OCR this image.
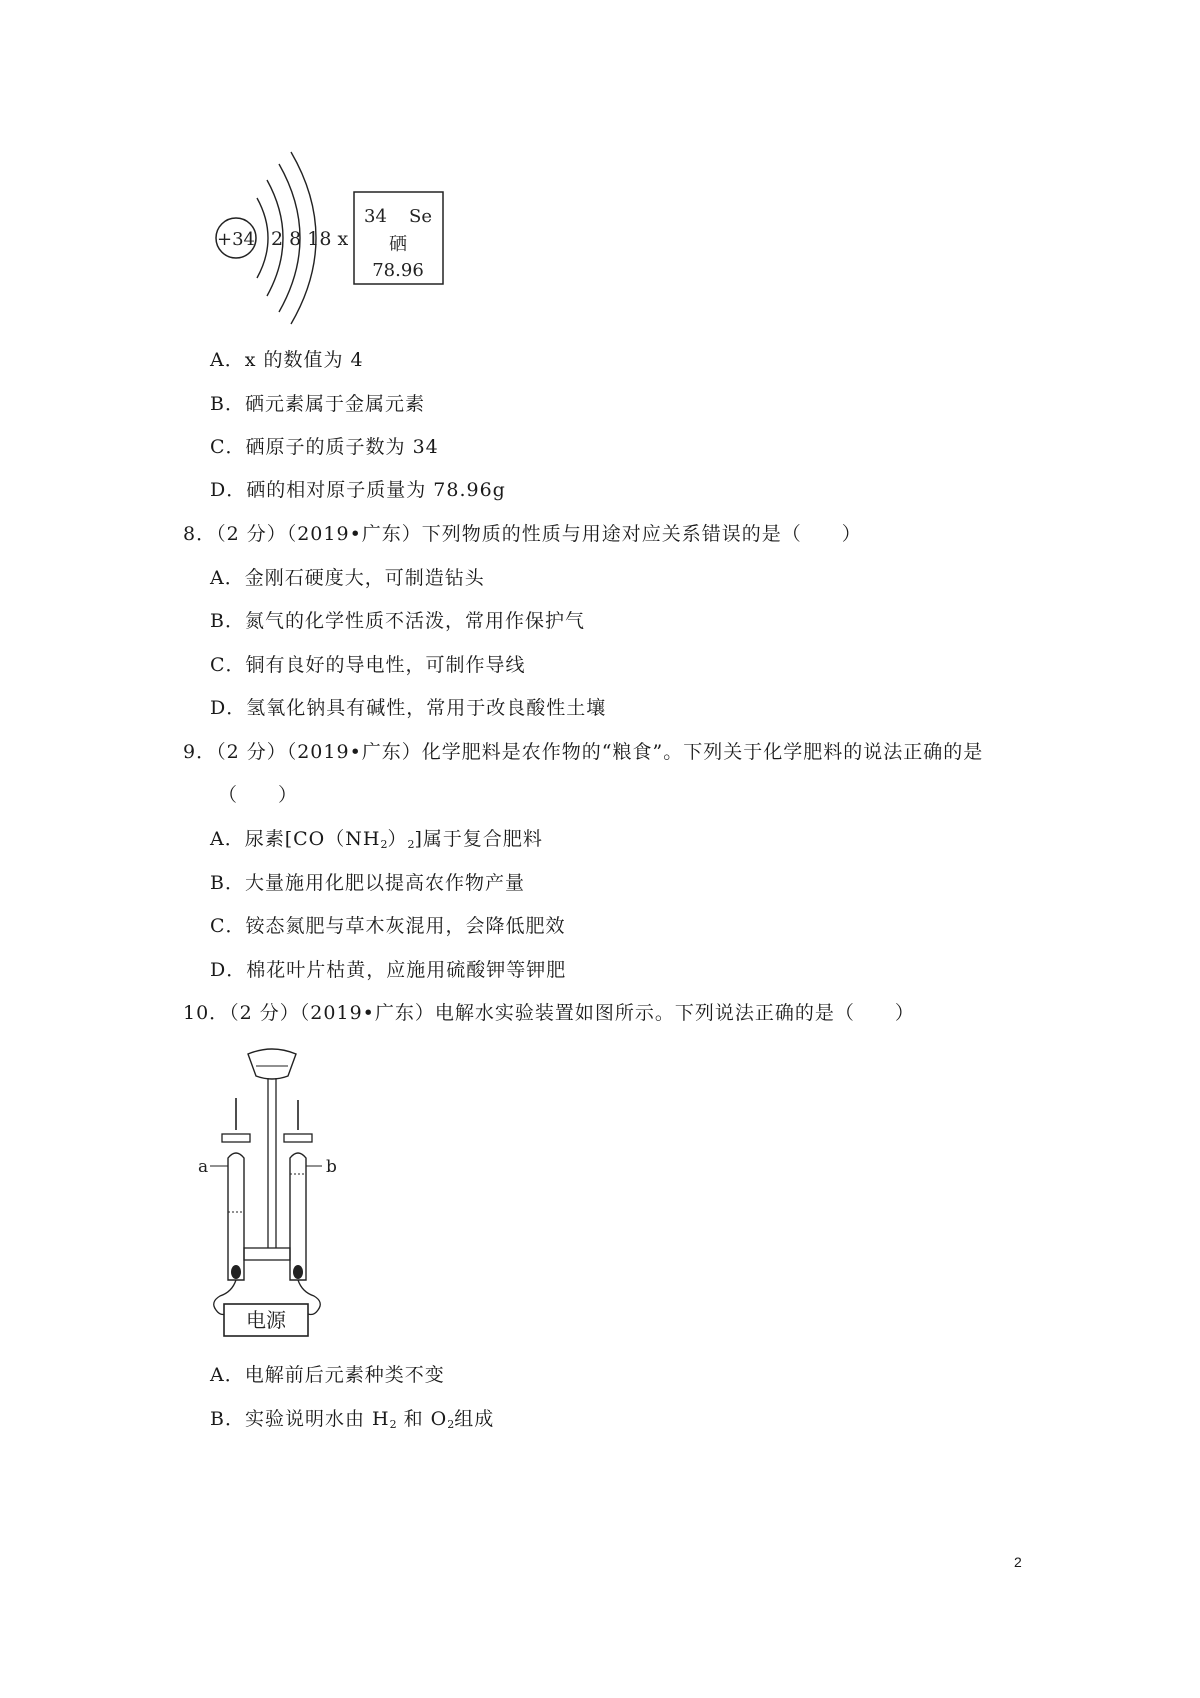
+34 2 8 18 x
34 Se
硒
78.96
A．x 的数值为 4
B．硒元素属于金属元素
C．硒原子的质子数为 34
D．硒的相对原子质量为 78.96g
8．（2 分）（2019•广东）下列物质的性质与用途对应关系错误的是（　　）
A．金刚石硬度大，可制造钻头
B．氮气的化学性质不活泼，常用作保护气
C．铜有良好的导电性，可制作导线
D．氢氧化钠具有碱性，常用于改良酸性土壤
9．（2 分）（2019•广东）化学肥料是农作物的“粮食”。下列关于化学肥料的说法正确的是
（　　）
A．尿素$[CO(NH_2)_2]$属于复合肥料
B．大量施用化肥以提高农作物产量
C．铵态氮肥与草木灰混用，会降低肥效
D．棉花叶片枯黄，应施用硫酸钾等钾肥
10．（2 分）（2019•广东）电解水实验装置如图所示。下列说法正确的是（　　）
a	b
电源
A．电解前后元素种类不变
B．实验说明水由 $H_2$ 和 $O_2$组成
2
